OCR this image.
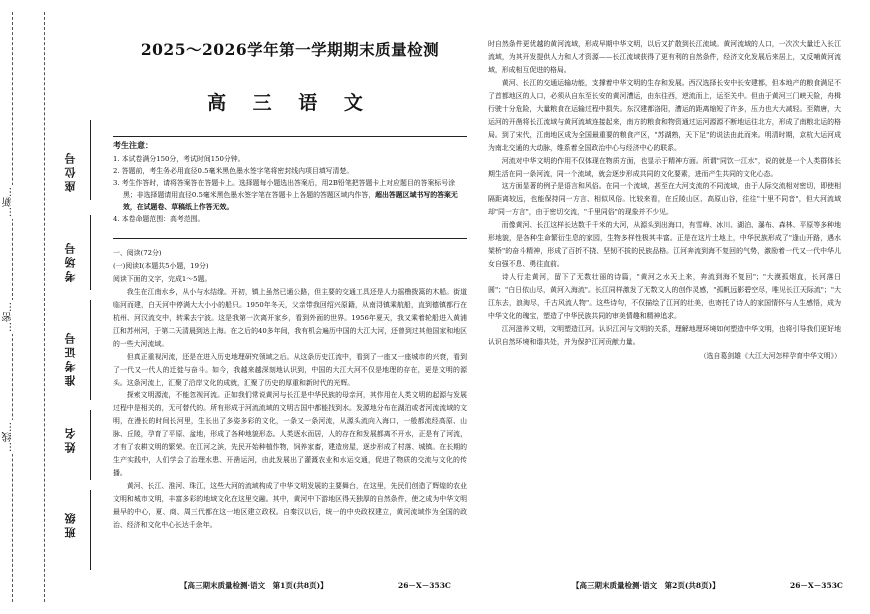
…新…
…密…
…线…
座位号
考场号
准考证号
姓名
班级
2025～2026学年第一学期期末质量检测
高 三 语 文
考生注意：
1. 本试卷满分150分，考试时间150分钟。
2. 答题前，考生务必用直径0.5毫米黑色墨水签字笔将密封线内项目填写清楚。
3. 考生作答时，请将答案答在答题卡上。选择题每小题选出答案后，用2B铅笔把答题卡上对应题目的答案标号涂黑；非选择题请用直径0.5毫米黑色墨水签字笔在答题卡上各题的答题区域内作答，超出答题区域书写的答案无效，在试题卷、草稿纸上作答无效。
4. 本卷命题范围：高考范围。

一、阅读(72分)

(一)阅读Ⅰ(本题共5小题，19分)

阅读下面的文字，完成1～5题。

我生在江南水乡，从小与水结缘。开初，镇上虽然已通公路，但主要的交通工具还是人力摇橹拨篙的木船。街道临河而建，白天河中停满大大小小的船只。1950年冬天，父亲带我回绍兴原籍，从南浔镇乘航船，直到德镇都行在杭州、河汉流交中，转乘去宁波。这是我第一次离开家乡，看到外面的世界。1956年夏天，我又乘着轮船进入黄浦江和苏州河，于第二天清晨到达上海。在之后的40多年间，我有机会遍历中国的大江大河，还曾到过其他国家和地区的一些大河流域。

但真正重视河流，还是在进入历史地理研究领域之后。从这条历史江流中，看到了一座又一座城市的兴衰，看到了一代又一代人的迁徙与奋斗。如今，我越来越深刻地认识到，中国的大江大河不仅是地理的存在，更是文明的源头。这条河流上，汇聚了沿岸文化的成就，汇聚了历史的厚重和新时代的光辉。

探索文明源流，不能忽视河流。正如我们常说黄河与长江是中华民族的母亲河，其作用在人类文明的起源与发展过程中是相关的，无可替代的。所有形成于河流流域的文明古国中都能找到水。发源地分布在湖泊或者河流流域的文明，在漫长的时间长河里，生长出了多姿多彩的文化，一条又一条河流，从源头流向入海口，一般都流经高原、山脉、丘陵，孕育了平原、盆地，形成了各种地貌形态。人类逐水而居，人的存在和发展都离不开水，正是有了河流，才有了农耕文明的繁荣。在江河之滨，先民开始种植作物，饲养家畜，建造房屋，逐步形成了村落、城镇。在长期的生产实践中，人们学会了治理水患、开凿运河，由此发展出了灌溉农业和水运交通，促进了物质的交流与文化的传播。

黄河、长江、淮河、珠江，这些大河的流域构成了中华文明发展的主要舞台，在这里，先民们创造了辉煌的农业文明和城市文明，丰富多彩的地域文化在这里交融。其中，黄河中下游地区得天独厚的自然条件，使之成为中华文明最早的中心，夏、商、周三代都在这一地区建立政权。自秦汉以后，统一的中央政权建立，黄河流域作为全国的政治、经济和文化中心长达千余年。

时自然条件更优越的黄河流域，形成早期中华文明，以后又扩散到长江流域。黄河流域的人口，一次次大量迁入长江流域，为其开发提供人力和人才资源——长江流域获得了更有利的自然条件，经济文化发展后来居上，又反哺黄河流域，形成相互促进的格局。

黄河、长江的交通运输功能，支撑着中华文明的生存和发展。西汉选择长安中长安建都，但本地产的粮食满足不了首都地区的人口，必须从自东至长安的黄河漕运，由东往西，逆流而上，运至关中。但由于黄河三门峡天险，舟楫行驶十分危险，大量粮食在运输过程中损失。东汉建都洛阳，漕运的距离缩短了许多，压力也大大减轻。至隋唐，大运河的开凿将长江流域与黄河流域连接起来，南方的粮食和物资通过运河源源不断地运往北方，形成了南粮北运的格局。到了宋代，江南地区成为全国最重要的粮食产区，"苏湖熟，天下足"的说法由此而来。明清时期，京杭大运河成为南北交通的大动脉，维系着全国政治中心与经济中心的联系。

河流对中华文明的作用不仅体现在物质方面，也显示于精神方面。所谓"同饮一江水"，说的就是一个人类群体长期生活在同一条河流，同一个流域，就会逐步形成共同的文化要素，进而产生共同的文化心态。

这方面显著的例子是语言和风俗。在同一个流域，甚至在大河支流的不同流域，由于人际交流相对密切，即使相隔距离较远，也能保持同一方言、相似风俗。比较来看，在丘陵山区、高原山谷，往往"十里不同音"，但大河流域却"同一方言"，由于密切交流，"千里同俗"的现象并不少见。

而像黄河、长江这样长达数千千米的大河，从源头到出海口，有雪峰、冰川、湖泊、瀑布、森林、平原等多种地形地貌，是各种生命繁衍生息的家园，生物多样性极其丰富。正是在这片土地上，中华民族形成了"逢山开路，遇水架桥"的奋斗精神，形成了百折不挠、坚韧不拔的民族品格。江河奔流到海不复回的气势，激励着一代又一代中华儿女自强不息、勇往直前。

诗人行走黄河，留下了无数壮丽的诗篇，"黄河之水天上来，奔流到海不复回"；"大漠孤烟直，长河落日圆"；"白日依山尽，黄河入海流"。长江同样激发了无数文人的创作灵感，"孤帆远影碧空尽，唯见长江天际流"；"大江东去，浪淘尽，千古风流人物"。这些诗句，不仅描绘了江河的壮美，也寄托了诗人的家国情怀与人生感悟，成为中华文化的瑰宝，塑造了中华民族共同的审美情趣和精神追求。

江河滋养文明，文明塑造江河。认识江河与文明的关系，理解地理环境如何塑造中华文明，也将引导我们更好地认识自然环境和谐共处，并为保护江河贡献力量。

（选自葛剑雄《大江大河怎样孕育中华文明》）
【高三期末质量检测·语文　第1页(共8页)】	26－X－353C	【高三期末质量检测·语文　第2页(共8页)】	26－X－353C
